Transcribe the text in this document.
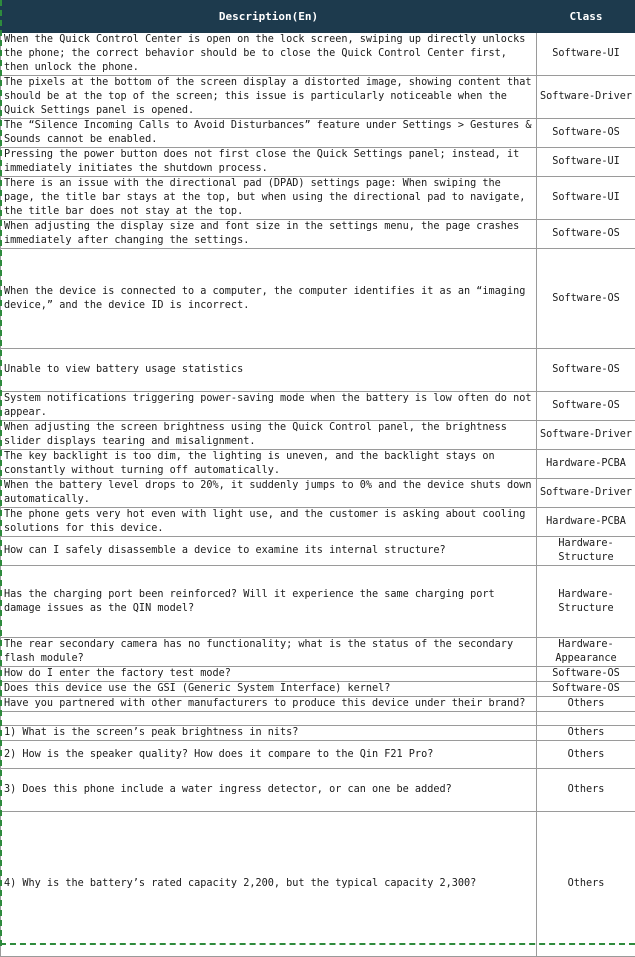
Description(En)	Class

When the Quick Control Center is open on the lock screen, swiping up directly unlocks the phone; the correct behavior should be to close the Quick Control Center first, then unlock the phone.	Software-UI

The pixels at the bottom of the screen display a distorted image, showing content that should be at the top of the screen; this issue is particularly noticeable when the Quick Settings panel is opened.	Software-Driver

The “Silence Incoming Calls to Avoid Disturbances” feature under Settings > Gestures & Sounds cannot be enabled.	Software-OS

Pressing the power button does not first close the Quick Settings panel; instead, it immediately initiates the shutdown process.	Software-UI

There is an issue with the directional pad (DPAD) settings page: When swiping the page, the title bar stays at the top, but when using the directional pad to navigate, the title bar does not stay at the top.	Software-UI

When adjusting the display size and font size in the settings menu, the page crashes immediately after changing the settings.	Software-OS

When the device is connected to a computer, the computer identifies it as an “imaging device,” and the device ID is incorrect.	Software-OS

Unable to view battery usage statistics	Software-OS

System notifications triggering power-saving mode when the battery is low often do not appear.	Software-OS

When adjusting the screen brightness using the Quick Control panel, the brightness slider displays tearing and misalignment.	Software-Driver

The key backlight is too dim, the lighting is uneven, and the backlight stays on constantly without turning off automatically.	Hardware-PCBA

When the battery level drops to 20%, it suddenly jumps to 0% and the device shuts down automatically.	Software-Driver

The phone gets very hot even with light use, and the customer is asking about cooling solutions for this device.	Hardware-PCBA

How can I safely disassemble a device to examine its internal structure?	Hardware-Structure

Has the charging port been reinforced? Will it experience the same charging port damage issues as the QIN model?	Hardware-Structure

The rear secondary camera has no functionality; what is the status of the secondary flash module?	Hardware-Appearance

How do I enter the factory test mode?	Software-OS

Does this device use the GSI (Generic System Interface) kernel?	Software-OS

Have you partnered with other manufacturers to produce this device under their brand?	Others

1) What is the screen’s peak brightness in nits?	Others

2) How is the speaker quality? How does it compare to the Qin F21 Pro?	Others

3) Does this phone include a water ingress detector, or can one be added?	Others

4) Why is the battery’s rated capacity 2,200, but the typical capacity 2,300?	Others
